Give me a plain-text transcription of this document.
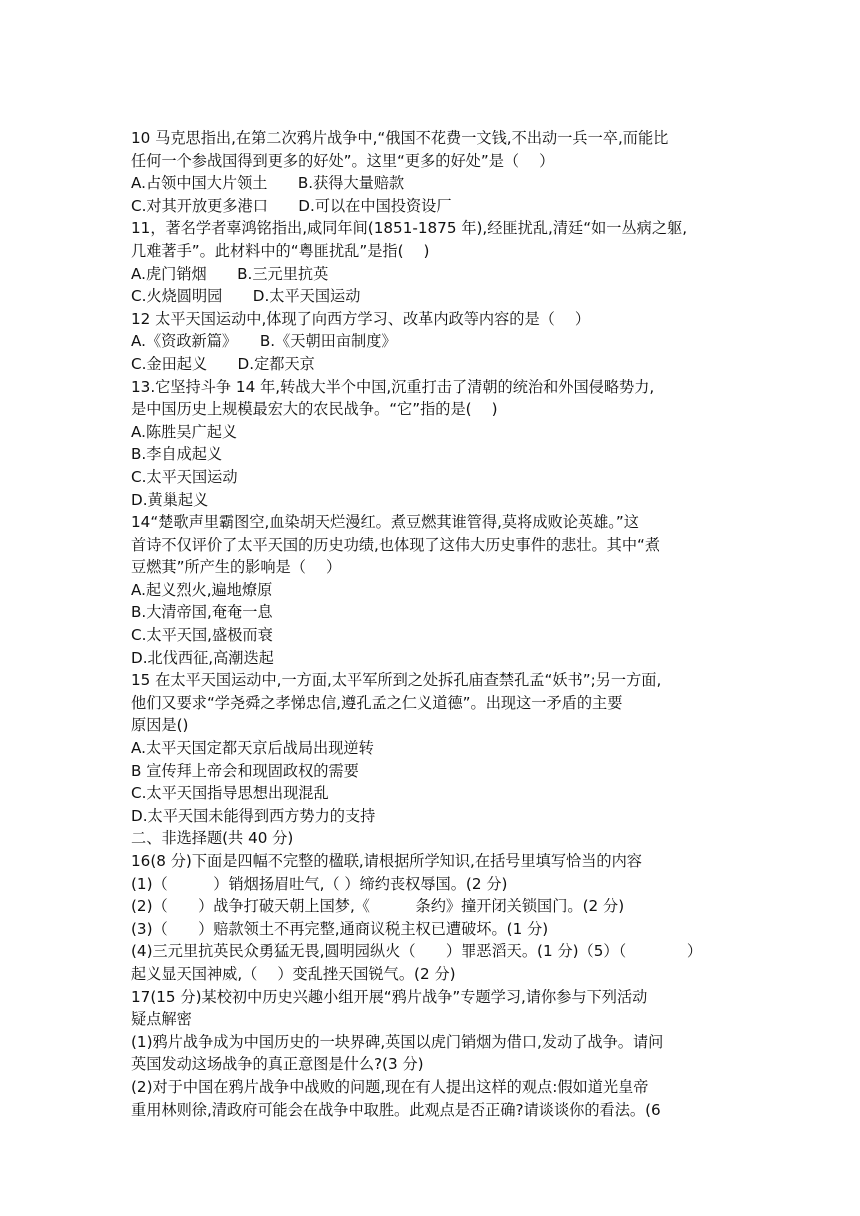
10 马克思指出,在第二次鸦片战争中,“俄国不花费一文钱,不出动一兵一卒,而能比
任何一个参战国得到更多的好处”。这里“更多的好处”是（　 ）
A.占领中国大片领土　　B.获得大量赔款
C.对其开放更多港口　　D.可以在中国投资设厂
11，著名学者辜鸿铭指出,咸同年间(1851-1875 年),经匪扰乱,清廷“如一丛病之躯,
几难著手”。此材料中的“粤匪扰乱”是指(　 )
A.虎门销烟　　B.三元里抗英
C.火烧圆明园　　D.太平天国运动
12 太平天国运动中,体现了向西方学习、改革内政等内容的是（　 ）
A.《资政新篇》　　B.《天朝田亩制度》
C.金田起义　　D.定都天京
13.它坚持斗争 14 年,转战大半个中国,沉重打击了清朝的统治和外国侵略势力,
是中国历史上规模最宏大的农民战争。“它”指的是(　 )
A.陈胜吴广起义
B.李自成起义
C.太平天国运动
D.黄巢起义
14“楚歌声里霸图空,血染胡天烂漫红。煮豆燃萁谁管得,莫将成败论英雄。”这
首诗不仅评价了太平天国的历史功绩,也体现了这伟大历史事件的悲壮。其中“煮
豆燃萁”所产生的影响是（　 ）
A.起义烈火,遍地燎原
B.大清帝国,奄奄一息
C.太平天国,盛极而衰
D.北伐西征,高潮迭起
15 在太平天国运动中,一方面,太平军所到之处拆孔庙查禁孔孟“妖书”;另一方面,
他们又要求“学尧舜之孝悌忠信,遵孔孟之仁义道德”。出现这一矛盾的主要
原因是()
A.太平天国定都天京后战局出现逆转
B 宣传拜上帝会和现固政权的需要
C.太平天国指导思想出现混乱
D.太平天国未能得到西方势力的支持
二、非选择题(共 40 分)
16(8 分)下面是四幅不完整的楹联,请根据所学知识,在括号里填写恰当的内容
(1)（　　　）销烟扬眉吐气,（ ）缔约丧权辱国。(2 分)
(2)（　　）战争打破天朝上国梦,《　　　条约》撞开闭关锁国门。(2 分)
(3)（　　）赔款领土不再完整,通商议税主权已遭破坏。(1 分)
(4)三元里抗英民众勇猛无畏,圆明园纵火（　　）罪恶滔天。(1 分)（5）（　　　　）
起义显天国神威,（　 ）变乱挫天国锐气。(2 分)
17(15 分)某校初中历史兴趣小组开展“鸦片战争”专题学习,请你参与下列活动
疑点解密
(1)鸦片战争成为中国历史的一块界碑,英国以虎门销烟为借口,发动了战争。请问
英国发动这场战争的真正意图是什么?(3 分)
(2)对于中国在鸦片战争中战败的问题,现在有人提出这样的观点:假如道光皇帝
重用林则徐,清政府可能会在战争中取胜。此观点是否正确?请谈谈你的看法。(6
